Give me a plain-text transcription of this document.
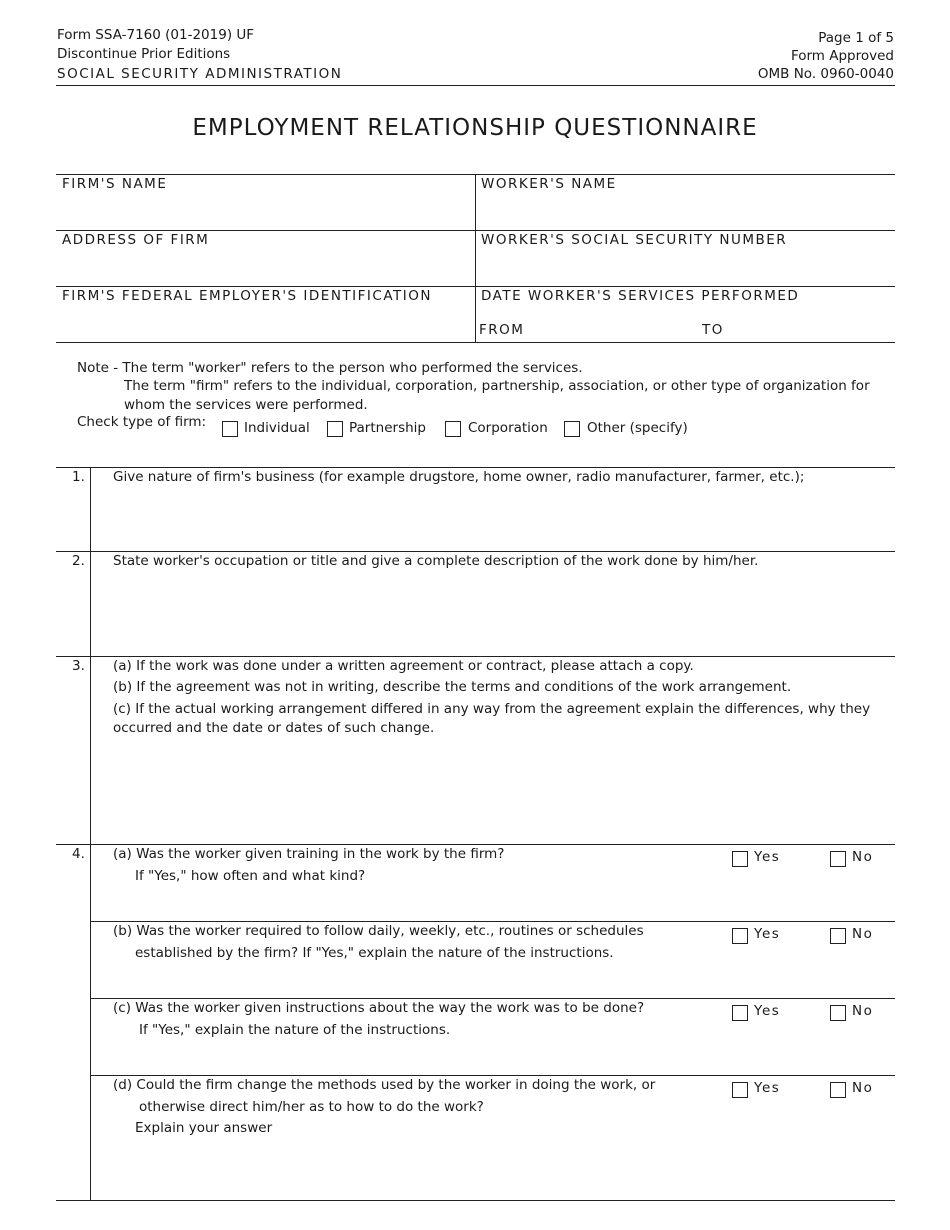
Form SSA-7160 (01-2019) UF
Discontinue Prior Editions
SOCIAL SECURITY ADMINISTRATION
Page 1 of 5
Form Approved
OMB No. 0960-0040
EMPLOYMENT RELATIONSHIP QUESTIONNAIRE
FIRM'S NAME	WORKER'S NAME
ADDRESS OF FIRM	WORKER'S SOCIAL SECURITY NUMBER
FIRM'S FEDERAL EMPLOYER'S IDENTIFICATION	DATE WORKER'S SERVICES PERFORMED
FROM	TO
Note - The term "worker" refers to the person who performed the services.
The term "firm" refers to the individual, corporation, partnership, association, or other type of organization for
whom the services were performed.
Check type of firm:	Individual	Partnership	Corporation	Other (specify)
1. Give nature of firm's business (for example drugstore, home owner, radio manufacturer, farmer, etc.);
2. State worker's occupation or title and give a complete description of the work done by him/her.
3. (a) If the work was done under a written agreement or contract, please attach a copy.
(b) If the agreement was not in writing, describe the terms and conditions of the work arrangement.
(c) If the actual working arrangement differed in any way from the agreement explain the differences, why they
occurred and the date or dates of such change.
4. (a) Was the worker given training in the work by the firm?
If "Yes," how often and what kind?
Yes	No
(b) Was the worker required to follow daily, weekly, etc., routines or schedules
established by the firm? If "Yes," explain the nature of the instructions.
Yes	No
(c) Was the worker given instructions about the way the work was to be done?
If "Yes," explain the nature of the instructions.
Yes	No
(d) Could the firm change the methods used by the worker in doing the work, or
otherwise direct him/her as to how to do the work?
Explain your answer
Yes	No
